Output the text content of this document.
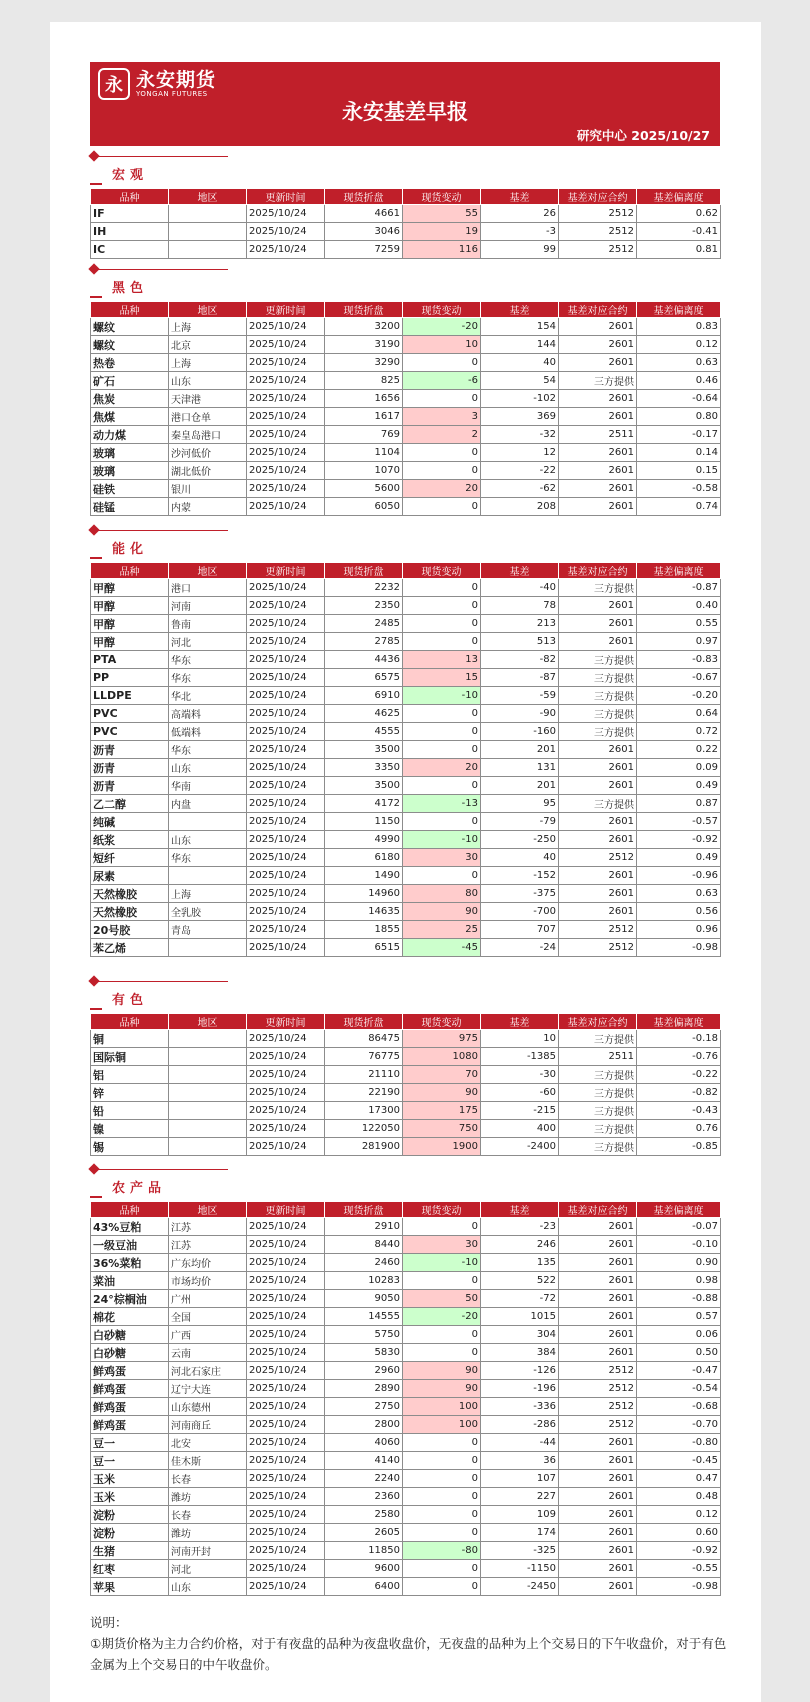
永 永安期货
YONGAN FUTURES
永安基差早报
研究中心 2025/10/27
宏观
品种	地区	更新时间	现货折盘	现货变动	基差	基差对应合约	基差偏离度
IF		2025/10/24	4661	55	26	2512	0.62
IH		2025/10/24	3046	19	-3	2512	-0.41
IC		2025/10/24	7259	116	99	2512	0.81
黑色
品种	地区	更新时间	现货折盘	现货变动	基差	基差对应合约	基差偏离度
螺纹	上海	2025/10/24	3200	-20	154	2601	0.83
螺纹	北京	2025/10/24	3190	10	144	2601	0.12
热卷	上海	2025/10/24	3290	0	40	2601	0.63
矿石	山东	2025/10/24	825	-6	54	三方提供	0.46
焦炭	天津港	2025/10/24	1656	0	-102	2601	-0.64
焦煤	港口仓单	2025/10/24	1617	3	369	2601	0.80
动力煤	秦皇岛港口	2025/10/24	769	2	-32	2511	-0.17
玻璃	沙河低价	2025/10/24	1104	0	12	2601	0.14
玻璃	湖北低价	2025/10/24	1070	0	-22	2601	0.15
硅铁	银川	2025/10/24	5600	20	-62	2601	-0.58
硅锰	内蒙	2025/10/24	6050	0	208	2601	0.74
能化
品种	地区	更新时间	现货折盘	现货变动	基差	基差对应合约	基差偏离度
甲醇	港口	2025/10/24	2232	0	-40	三方提供	-0.87
甲醇	河南	2025/10/24	2350	0	78	2601	0.40
甲醇	鲁南	2025/10/24	2485	0	213	2601	0.55
甲醇	河北	2025/10/24	2785	0	513	2601	0.97
PTA	华东	2025/10/24	4436	13	-82	三方提供	-0.83
PP	华东	2025/10/24	6575	15	-87	三方提供	-0.67
LLDPE	华北	2025/10/24	6910	-10	-59	三方提供	-0.20
PVC	高端料	2025/10/24	4625	0	-90	三方提供	0.64
PVC	低端料	2025/10/24	4555	0	-160	三方提供	0.72
沥青	华东	2025/10/24	3500	0	201	2601	0.22
沥青	山东	2025/10/24	3350	20	131	2601	0.09
沥青	华南	2025/10/24	3500	0	201	2601	0.49
乙二醇	内盘	2025/10/24	4172	-13	95	三方提供	0.87
纯碱		2025/10/24	1150	0	-79	2601	-0.57
纸浆	山东	2025/10/24	4990	-10	-250	2601	-0.92
短纤	华东	2025/10/24	6180	30	40	2512	0.49
尿素		2025/10/24	1490	0	-152	2601	-0.96
天然橡胶	上海	2025/10/24	14960	80	-375	2601	0.63
天然橡胶	全乳胶	2025/10/24	14635	90	-700	2601	0.56
20号胶	青岛	2025/10/24	1855	25	707	2512	0.96
苯乙烯		2025/10/24	6515	-45	-24	2512	-0.98
有色
品种	地区	更新时间	现货折盘	现货变动	基差	基差对应合约	基差偏离度
铜		2025/10/24	86475	975	10	三方提供	-0.18
国际铜		2025/10/24	76775	1080	-1385	2511	-0.76
铝		2025/10/24	21110	70	-30	三方提供	-0.22
锌		2025/10/24	22190	90	-60	三方提供	-0.82
铅		2025/10/24	17300	175	-215	三方提供	-0.43
镍		2025/10/24	122050	750	400	三方提供	0.76
锡		2025/10/24	281900	1900	-2400	三方提供	-0.85
农产品
品种	地区	更新时间	现货折盘	现货变动	基差	基差对应合约	基差偏离度
43%豆粕	江苏	2025/10/24	2910	0	-23	2601	-0.07
一级豆油	江苏	2025/10/24	8440	30	246	2601	-0.10
36%菜粕	广东均价	2025/10/24	2460	-10	135	2601	0.90
菜油	市场均价	2025/10/24	10283	0	522	2601	0.98
24°棕榈油	广州	2025/10/24	9050	50	-72	2601	-0.88
棉花	全国	2025/10/24	14555	-20	1015	2601	0.57
白砂糖	广西	2025/10/24	5750	0	304	2601	0.06
白砂糖	云南	2025/10/24	5830	0	384	2601	0.50
鲜鸡蛋	河北石家庄	2025/10/24	2960	90	-126	2512	-0.47
鲜鸡蛋	辽宁大连	2025/10/24	2890	90	-196	2512	-0.54
鲜鸡蛋	山东德州	2025/10/24	2750	100	-336	2512	-0.68
鲜鸡蛋	河南商丘	2025/10/24	2800	100	-286	2512	-0.70
豆一	北安	2025/10/24	4060	0	-44	2601	-0.80
豆一	佳木斯	2025/10/24	4140	0	36	2601	-0.45
玉米	长春	2025/10/24	2240	0	107	2601	0.47
玉米	潍坊	2025/10/24	2360	0	227	2601	0.48
淀粉	长春	2025/10/24	2580	0	109	2601	0.12
淀粉	潍坊	2025/10/24	2605	0	174	2601	0.60
生猪	河南开封	2025/10/24	11850	-80	-325	2601	-0.92
红枣	河北	2025/10/24	9600	0	-1150	2601	-0.55
苹果	山东	2025/10/24	6400	0	-2450	2601	-0.98
说明：
①期货价格为主力合约价格，对于有夜盘的品种为夜盘收盘价，无夜盘的品种为上个交易日的下午收盘价，对于有色金属为上个交易日的中午收盘价。
